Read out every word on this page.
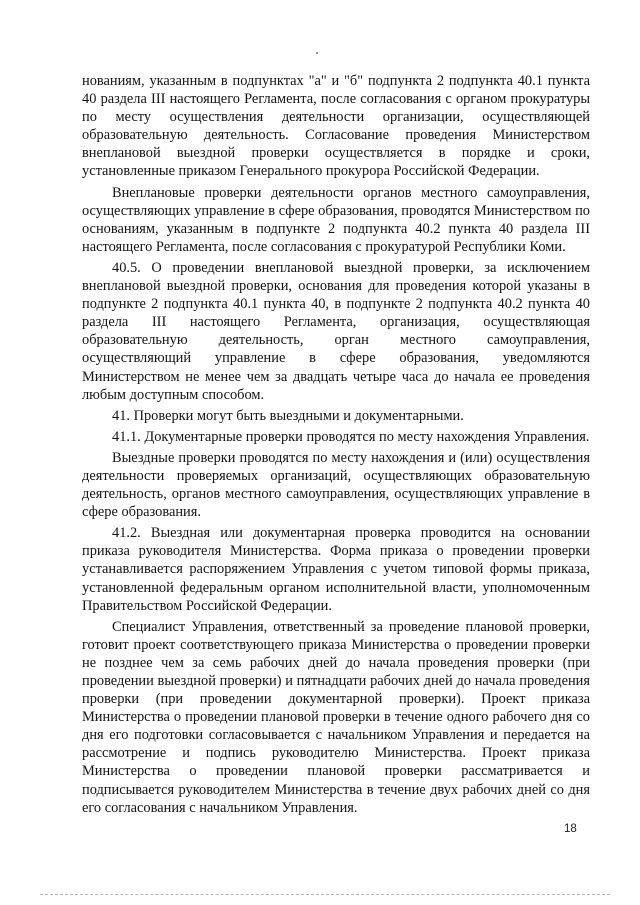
нованиям, указанным в подпунктах "а" и "б" подпункта 2 подпункта 40.1 пункта 40 раздела III настоящего Регламента, после согласования с органом прокуратуры по месту осуществления деятельности организации, осуществляющей образовательную деятельность. Согласование проведения Министерством внеплановой выездной проверки осуществляется в порядке и сроки, установленные приказом Генерального прокурора Российской Федерации.

Внеплановые проверки деятельности органов местного самоуправления, осуществляющих управление в сфере образования, проводятся Министерством по основаниям, указанным в подпункте 2 подпункта 40.2 пункта 40 раздела III настоящего Регламента, после согласования с прокуратурой Республики Коми.

40.5. О проведении внеплановой выездной проверки, за исключением внеплановой выездной проверки, основания для проведения которой указаны в подпункте 2 подпункта 40.1 пункта 40, в подпункте 2 подпункта 40.2 пункта 40 раздела III настоящего Регламента, организация, осуществляющая образовательную деятельность, орган местного самоуправления, осуществляющий управление в сфере образования, уведомляются Министерством не менее чем за двадцать четыре часа до начала ее проведения любым доступным способом.

41. Проверки могут быть выездными и документарными.

41.1. Документарные проверки проводятся по месту нахождения Управления.

Выездные проверки проводятся по месту нахождения и (или) осуществления деятельности проверяемых организаций, осуществляющих образовательную деятельность, органов местного самоуправления, осуществляющих управление в сфере образования.

41.2. Выездная или документарная проверка проводится на основании приказа руководителя Министерства. Форма приказа о проведении проверки устанавливается распоряжением Управления с учетом типовой формы приказа, установленной федеральным органом исполнительной власти, уполномоченным Правительством Российской Федерации.

Специалист Управления, ответственный за проведение плановой проверки, готовит проект соответствующего приказа Министерства о проведении проверки не позднее чем за семь рабочих дней до начала проведения проверки (при проведении выездной проверки) и пятнадцати рабочих дней до начала проведения проверки (при проведении документарной проверки). Проект приказа Министерства о проведении плановой проверки в течение одного рабочего дня со дня его подготовки согласовывается с начальником Управления и передается на рассмотрение и подпись руководителю Министерства. Проект приказа Министерства о проведении плановой проверки рассматривается и подписывается руководителем Министерства в течение двух рабочих дней со дня его согласования с начальником Управления.

18
